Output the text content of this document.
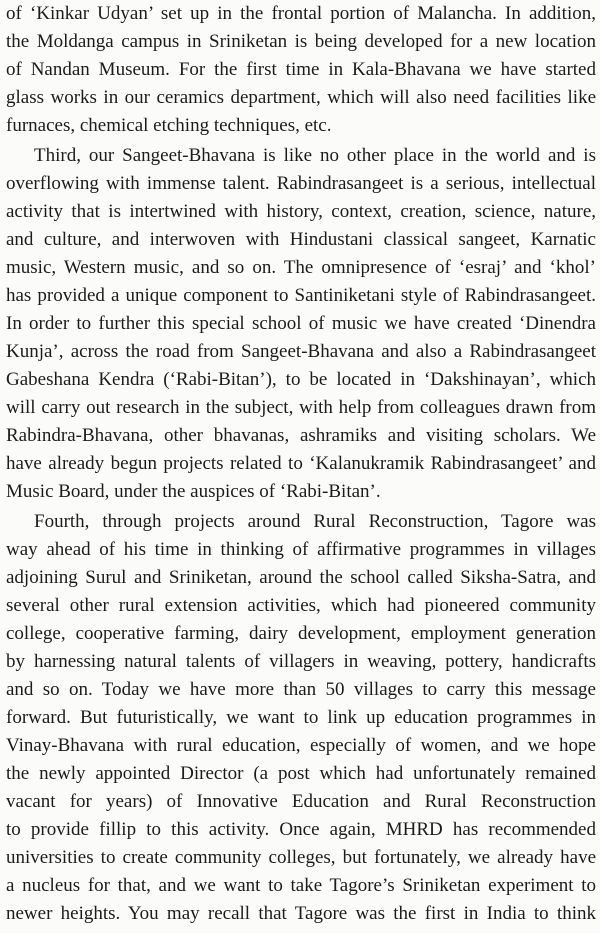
of ‘Kinkar Udyan’ set up in the frontal portion of Malancha. In addition,
the Moldanga campus in Sriniketan is being developed for a new location
of Nandan Museum. For the first time in Kala-Bhavana we have started
glass works in our ceramics department, which will also need facilities like
furnaces, chemical etching techniques, etc.
Third, our Sangeet-Bhavana is like no other place in the world and is
overflowing with immense talent. Rabindrasangeet is a serious, intellectual
activity that is intertwined with history, context, creation, science, nature,
and culture, and interwoven with Hindustani classical sangeet, Karnatic
music, Western music, and so on. The omnipresence of ‘esraj’ and ‘khol’
has provided a unique component to Santiniketani style of Rabindrasangeet.
In order to further this special school of music we have created ‘Dinendra
Kunja’, across the road from Sangeet-Bhavana and also a Rabindrasangeet
Gabeshana Kendra (‘Rabi-Bitan’), to be located in ‘Dakshinayan’, which
will carry out research in the subject, with help from colleagues drawn from
Rabindra-Bhavana, other bhavanas, ashramiks and visiting scholars. We
have already begun projects related to ‘Kalanukramik Rabindrasangeet’ and
Music Board, under the auspices of ‘Rabi-Bitan’.
Fourth, through projects around Rural Reconstruction, Tagore was
way ahead of his time in thinking of affirmative programmes in villages
adjoining Surul and Sriniketan, around the school called Siksha-Satra, and
several other rural extension activities, which had pioneered community
college, cooperative farming, dairy development, employment generation
by harnessing natural talents of villagers in weaving, pottery, handicrafts
and so on. Today we have more than 50 villages to carry this message
forward. But futuristically, we want to link up education programmes in
Vinay-Bhavana with rural education, especially of women, and we hope
the newly appointed Director (a post which had unfortunately remained
vacant for years) of Innovative Education and Rural Reconstruction
to provide fillip to this activity. Once again, MHRD has recommended
universities to create community colleges, but fortunately, we already have
a nucleus for that, and we want to take Tagore’s Sriniketan experiment to
newer heights. You may recall that Tagore was the first in India to think
